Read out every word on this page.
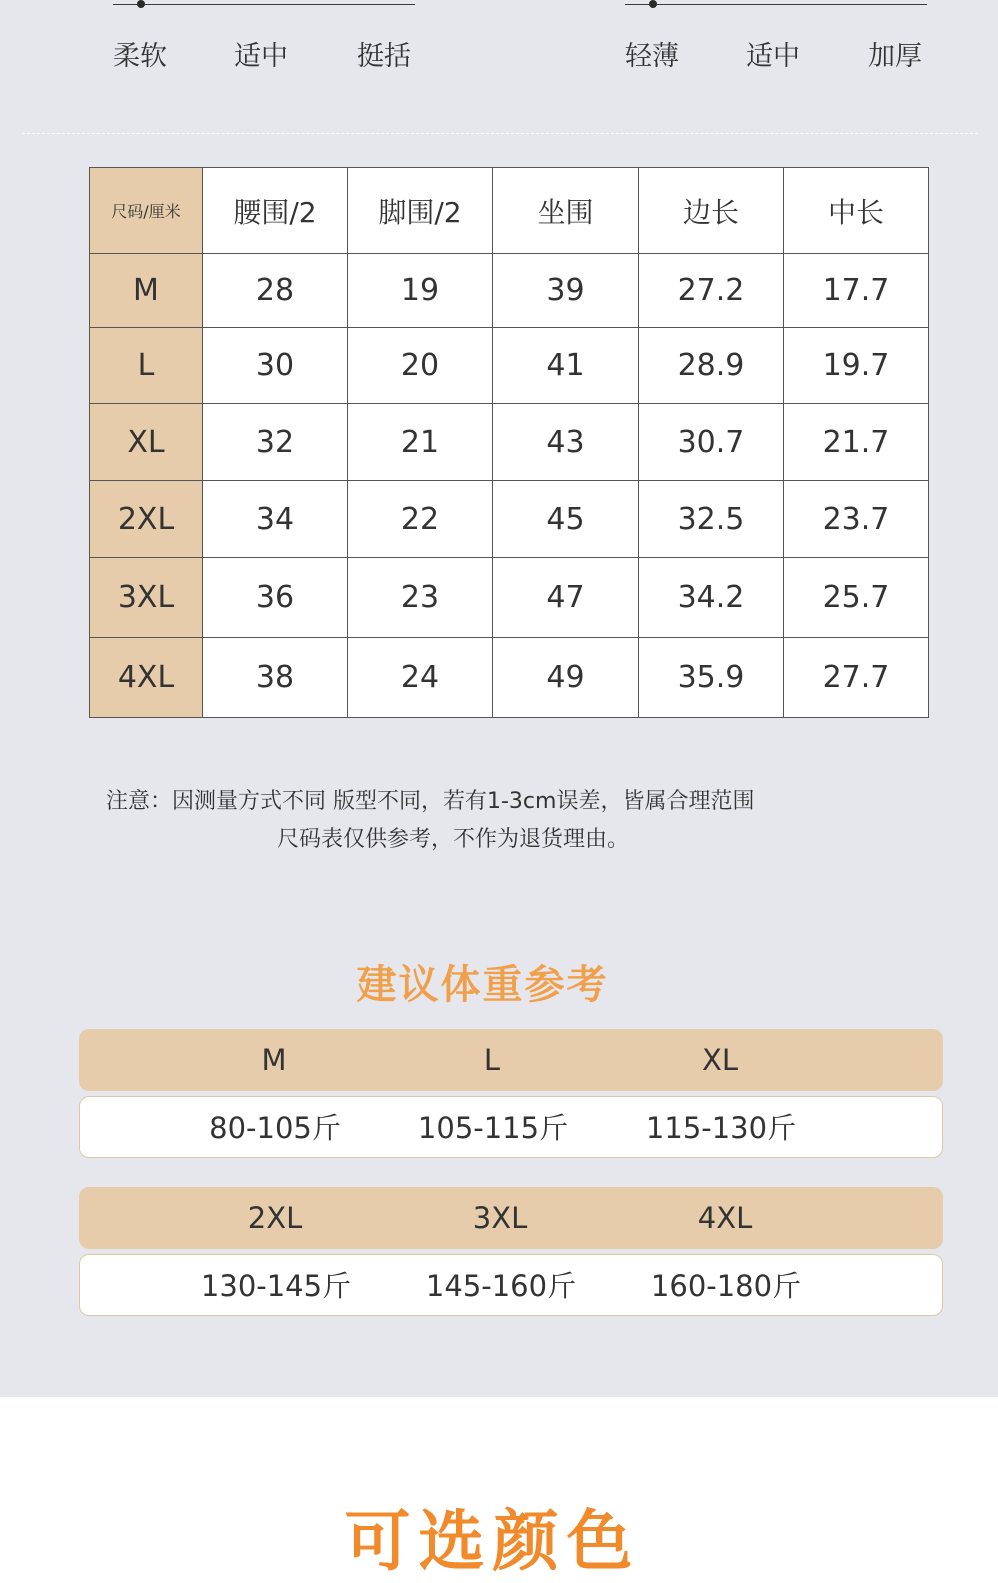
柔软 适中	挺括	轻薄 适中	加厚
尺码/厘米	腰围/2	脚围/2	坐围	边长	中长
M	28	19	39	27.2	17.7
L	30	20	41	28.9	19.7
XL	32	21	43	30.7	21.7
2XL	34	22	45	32.5	23.7
3XL	36	23	47	34.2	25.7
4XL	38	24	49	35.9	27.7
注意：因测量方式不同 版型不同，若有1-3cm误差，皆属合理范围
尺码表仅供参考，不作为退货理由。
建议体重参考
M	L	XL
80-105斤	105-115斤	115-130斤
2XL	3XL	4XL
130-145斤	145-160斤	160-180斤
可选颜色
